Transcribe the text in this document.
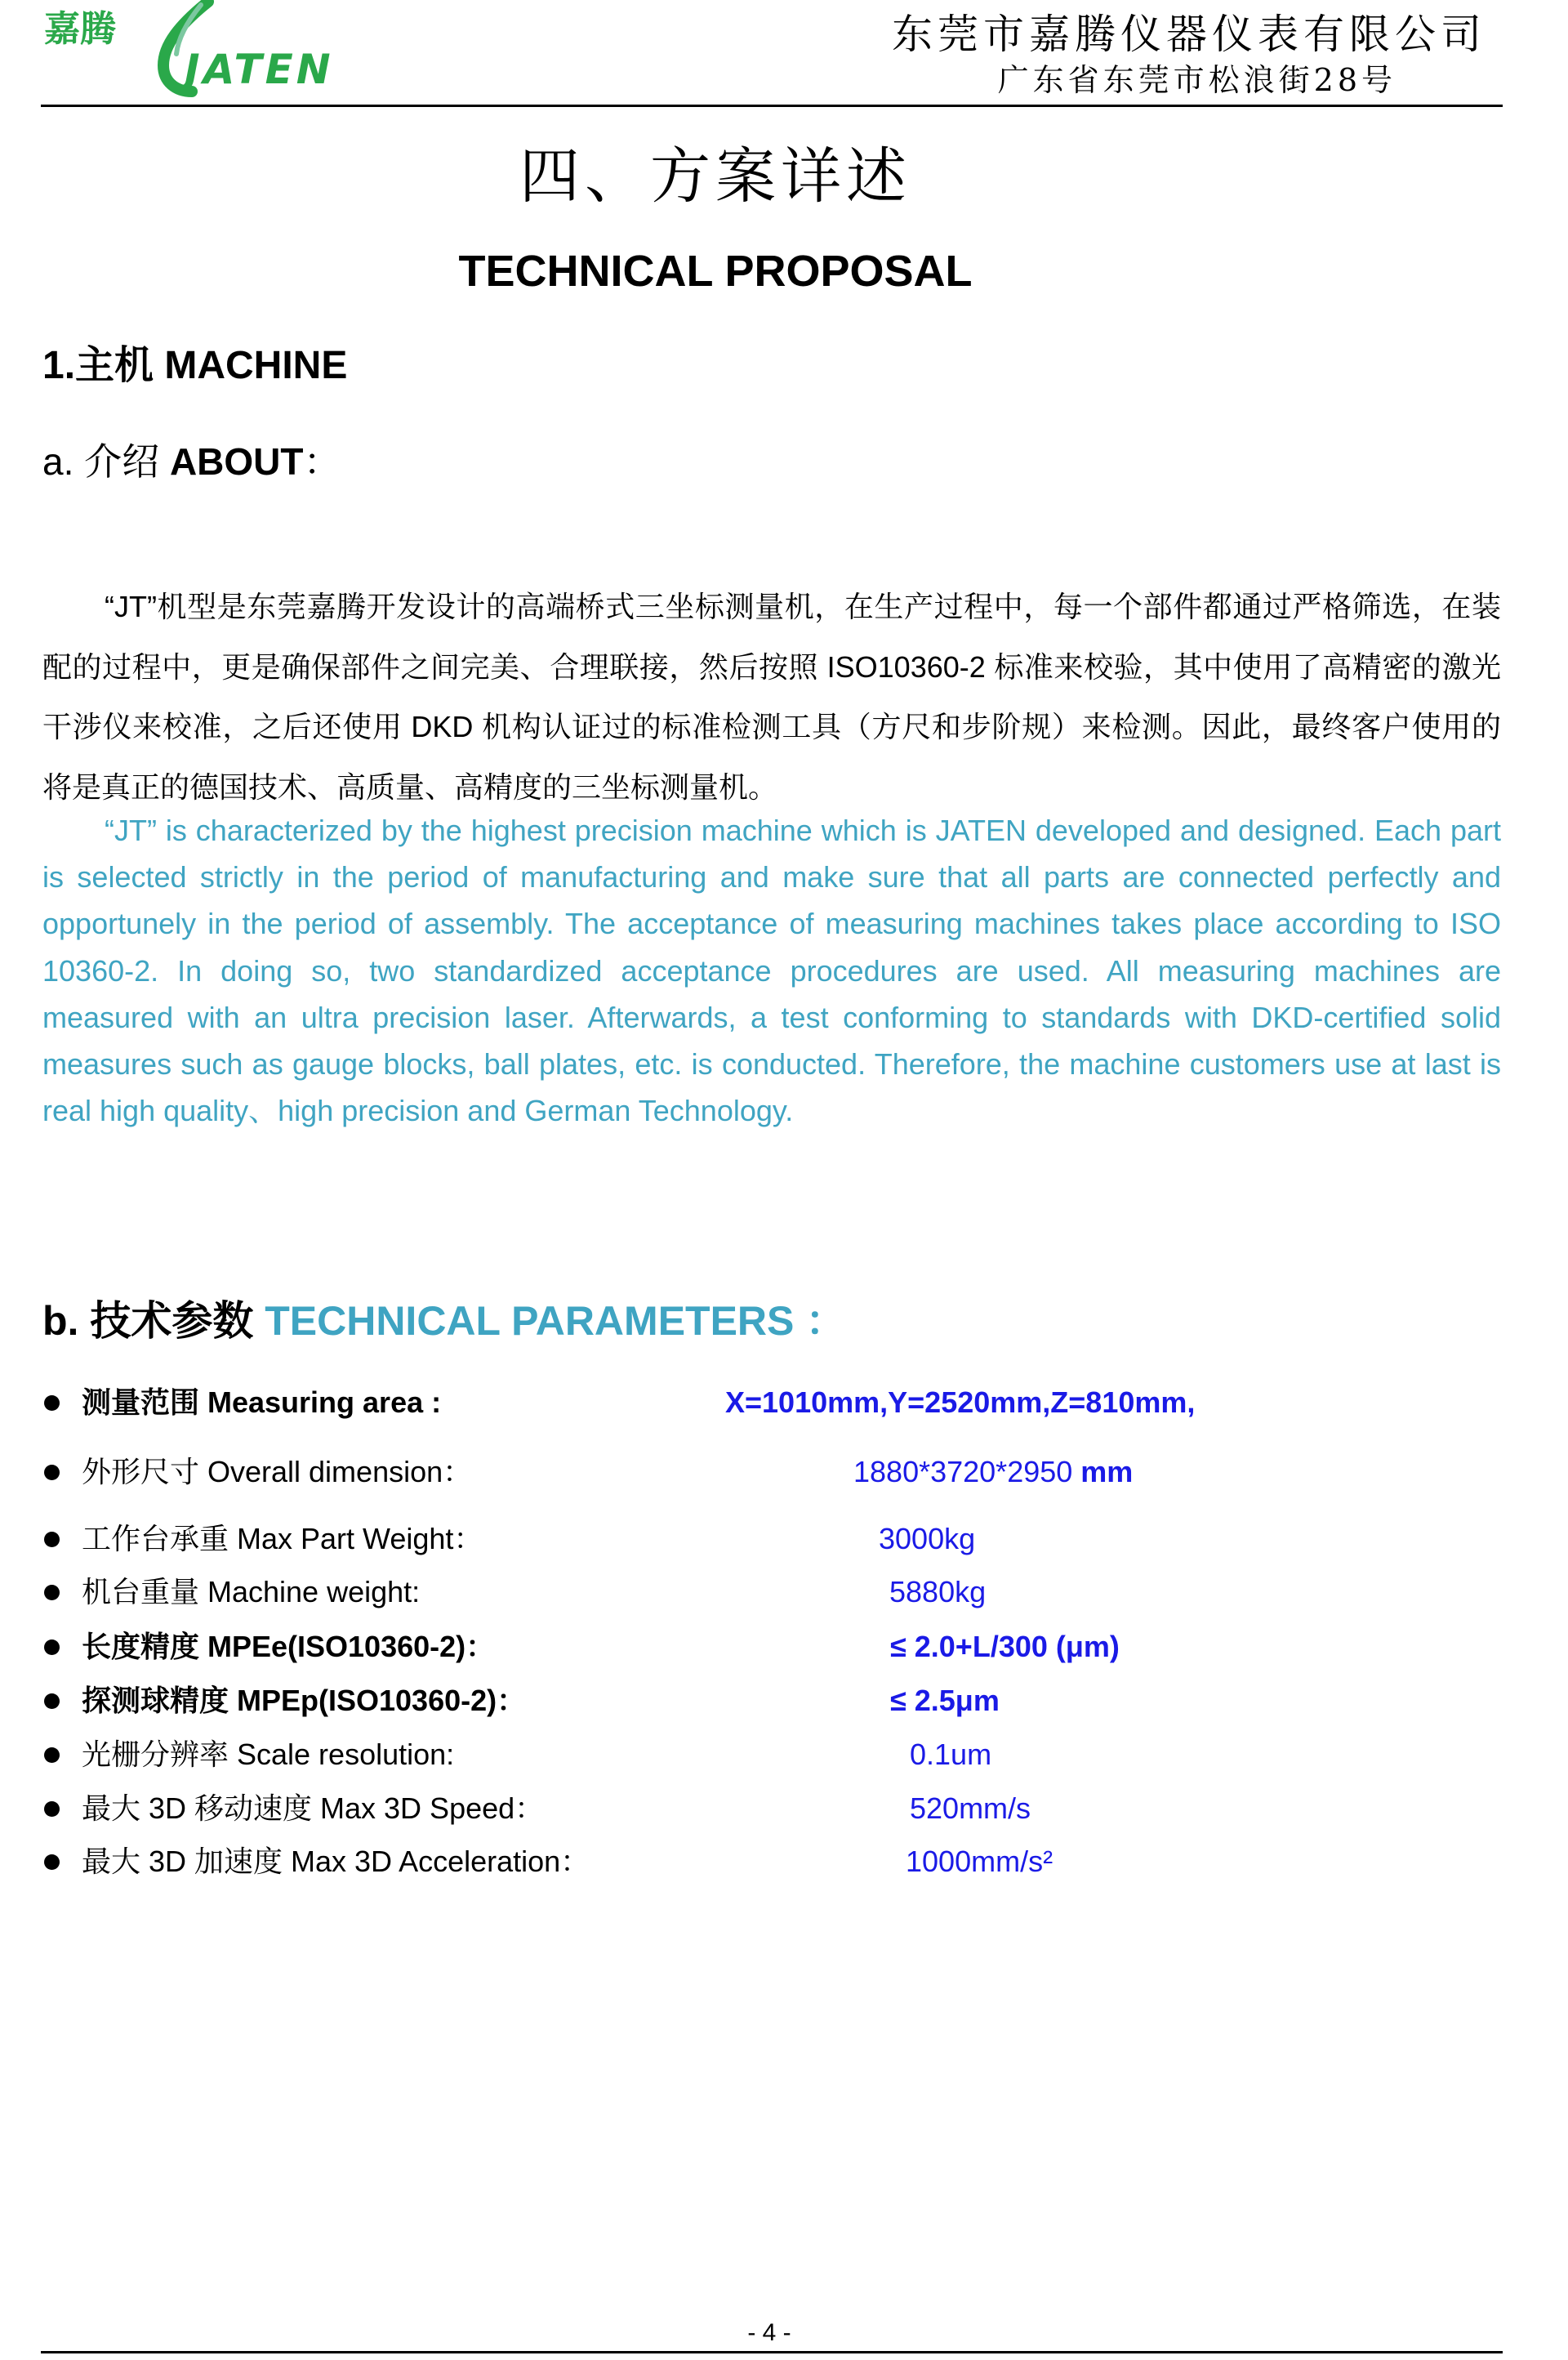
嘉腾
JATEN
东莞市嘉腾仪器仪表有限公司
广东省东莞市松浪街28号
四、方案详述
TECHNICAL PROPOSAL
1.主机 MACHINE
a. 介绍 ABOUT：

“JT”机型是东莞嘉腾开发设计的高端桥式三坐标测量机，在生产过程中，每一个部件都通过严格筛选，在装配的过程中，更是确保部件之间完美、合理联接，然后按照 ISO10360-2 标准来校验，其中使用了高精密的激光干涉仪来校准，之后还使用 DKD 机构认证过的标准检测工具（方尺和步阶规）来检测。因此，最终客户使用的将是真正的德国技术、高质量、高精度的三坐标测量机。

“JT” is characterized by the highest precision machine which is JATEN developed and designed. Each part is selected strictly in the period of manufacturing and make sure that all parts are connected perfectly and opportunely in the period of assembly. The acceptance of measuring machines takes place according to ISO 10360-2. In doing so, two standardized acceptance procedures are used. All measuring machines are measured with an ultra precision laser. Afterwards, a test conforming to standards with DKD-certified solid measures such as gauge blocks, ball plates, etc. is conducted. Therefore, the machine customers use at last is real high quality、high precision and German Technology.

b. 技术参数 TECHNICAL PARAMETERS ：
测量范围 Measuring area :	X=1010mm,Y=2520mm,Z=810mm,
外形尺寸 Overall dimension：	1880*3720*2950 mm
工作台承重 Max Part Weight：	3000kg
机台重量 Machine weight:	5880kg
长度精度 MPEe(ISO10360-2)：	≤ 2.0+L/300 (μm)
探测球精度 MPEp(ISO10360-2)：	≤ 2.5μm
光栅分辨率 Scale resolution:	0.1um
最大 3D 移动速度 Max 3D Speed：	520mm/s
最大 3D 加速度 Max 3D Acceleration：	1000mm/s²
- 4 -
